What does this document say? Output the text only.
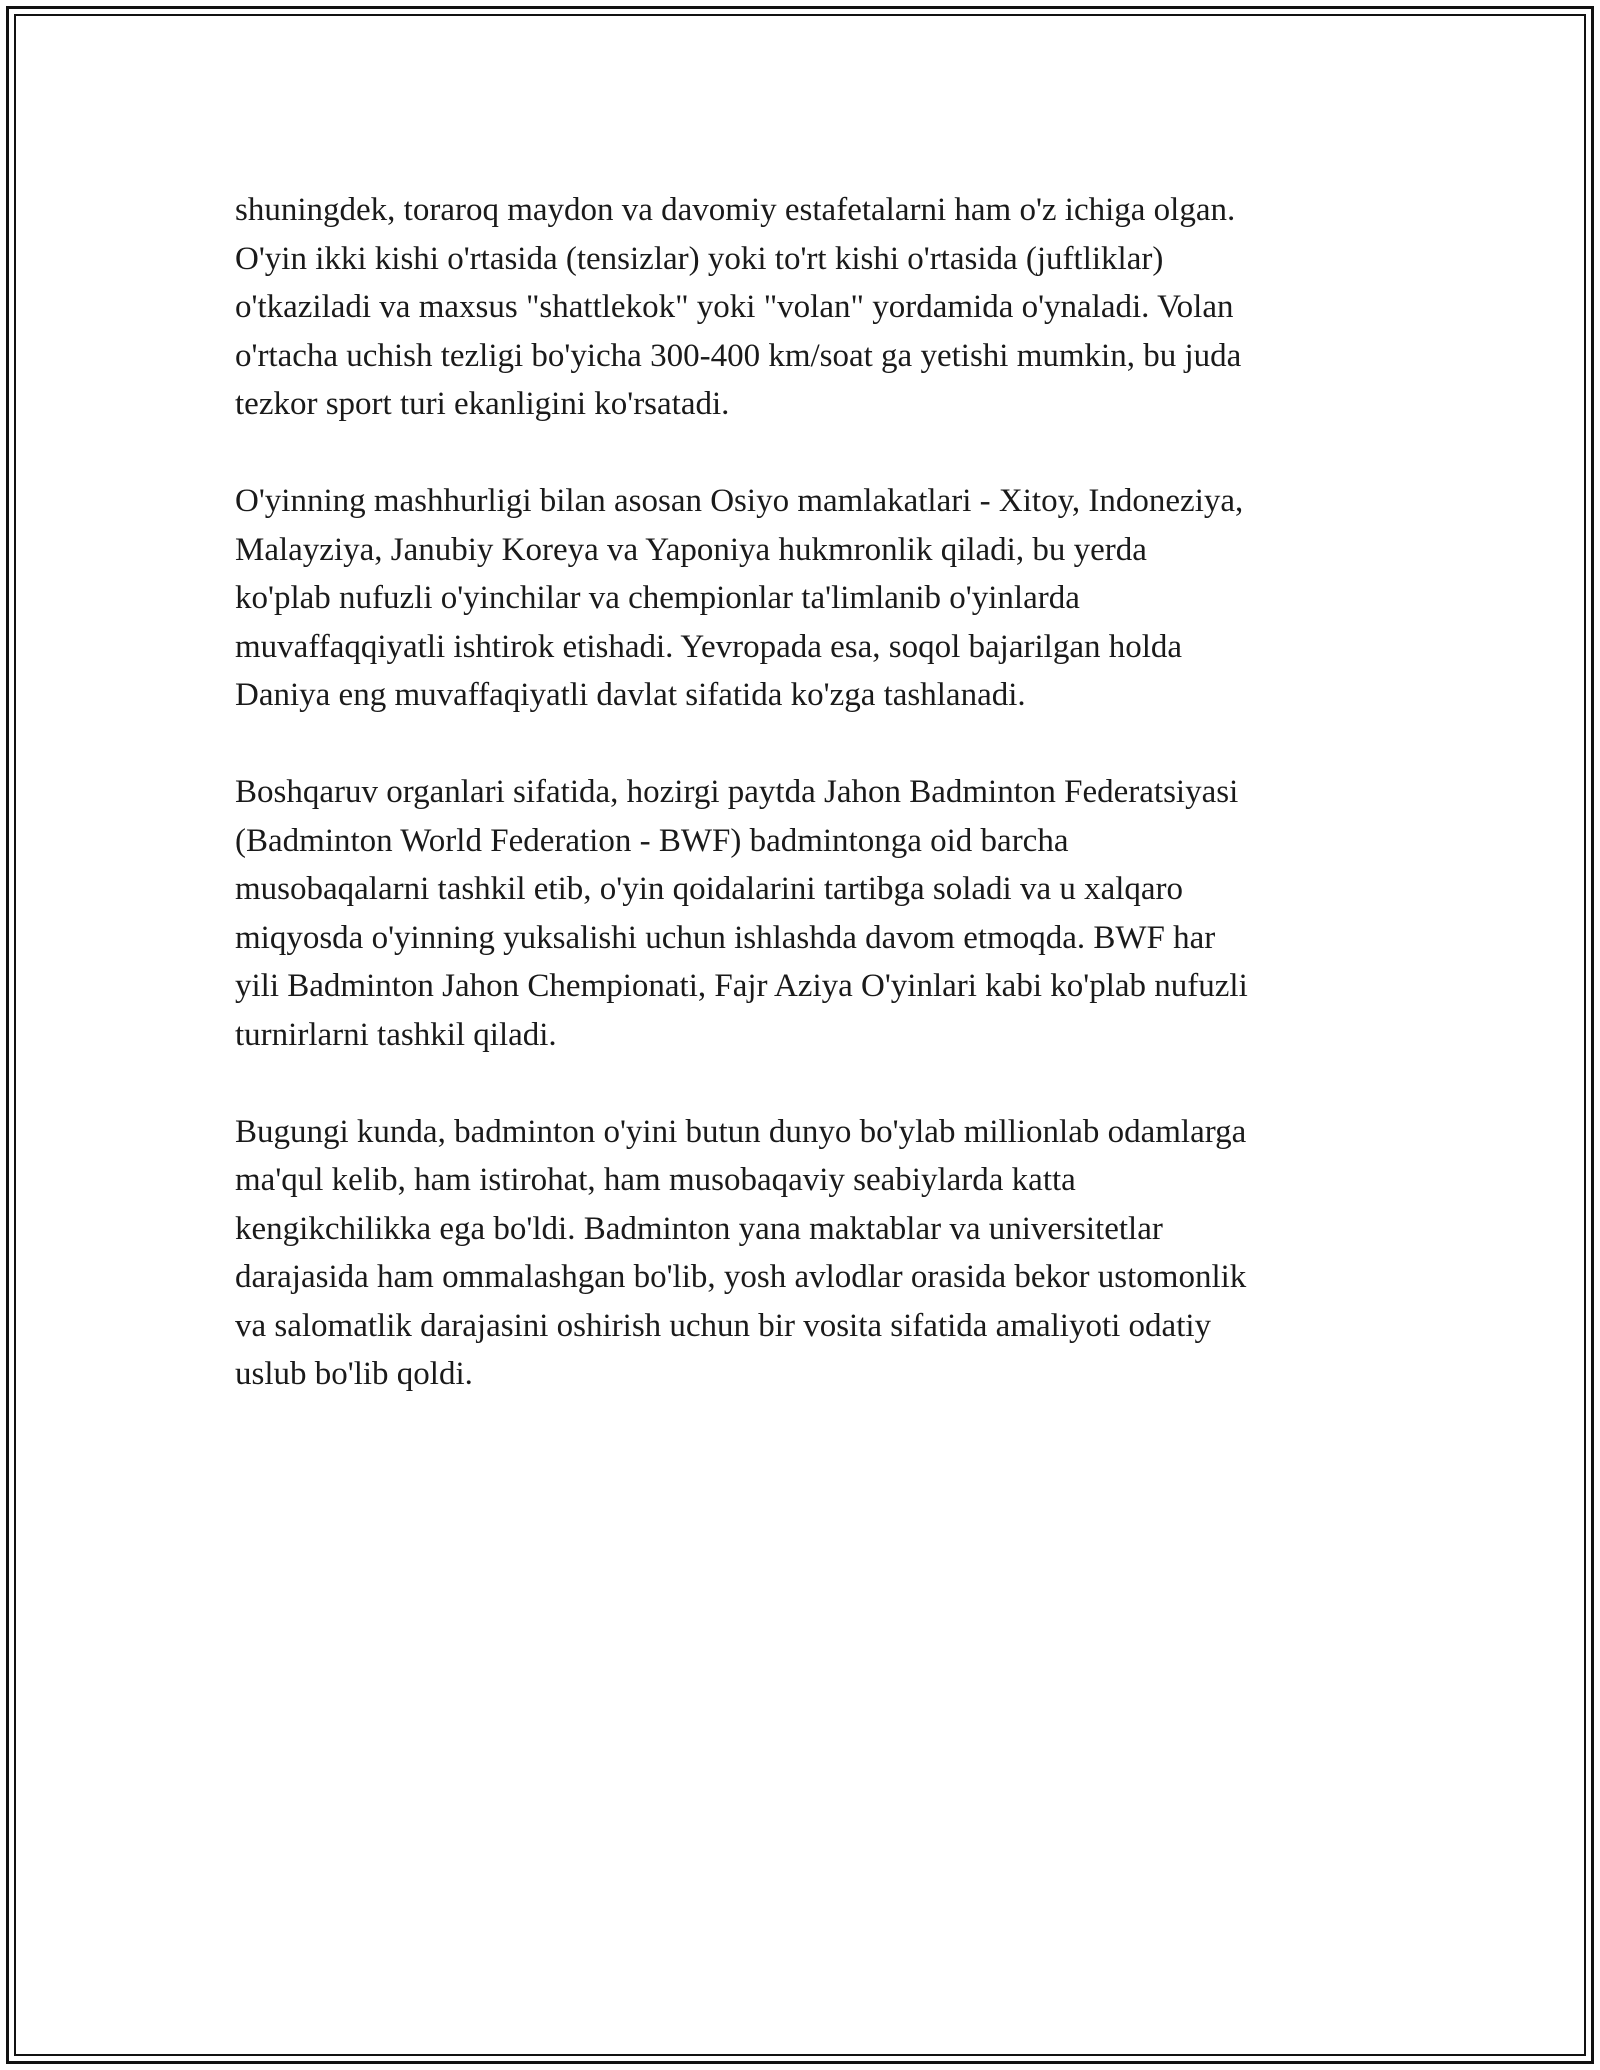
shuningdek, toraroq maydon va davomiy estafetalarni ham o'z ichiga olgan.
O'yin ikki kishi o'rtasida (tensizlar) yoki to'rt kishi o'rtasida (juftliklar)
o'tkaziladi va maxsus "shattlekok" yoki "volan" yordamida o'ynaladi. Volan
o'rtacha uchish tezligi bo'yicha 300-400 km/soat ga yetishi mumkin, bu juda
tezkor sport turi ekanligini ko'rsatadi.
O'yinning mashhurligi bilan asosan Osiyo mamlakatlari - Xitoy, Indoneziya,
Malayziya, Janubiy Koreya va Yaponiya hukmronlik qiladi, bu yerda
ko'plab nufuzli o'yinchilar va chempionlar ta'limlanib o'yinlarda
muvaffaqqiyatli ishtirok etishadi. Yevropada esa, soqol bajarilgan holda
Daniya eng muvaffaqiyatli davlat sifatida ko'zga tashlanadi.
Boshqaruv organlari sifatida, hozirgi paytda Jahon Badminton Federatsiyasi
(Badminton World Federation - BWF) badmintonga oid barcha
musobaqalarni tashkil etib, o'yin qoidalarini tartibga soladi va u xalqaro
miqyosda o'yinning yuksalishi uchun ishlashda davom etmoqda. BWF har
yili Badminton Jahon Chempionati, Fajr Aziya O'yinlari kabi ko'plab nufuzli
turnirlarni tashkil qiladi.
Bugungi kunda, badminton o'yini butun dunyo bo'ylab millionlab odamlarga
ma'qul kelib, ham istirohat, ham musobaqaviy seabiylarda katta
kengikchilikka ega bo'ldi. Badminton yana maktablar va universitetlar
darajasida ham ommalashgan bo'lib, yosh avlodlar orasida bekor ustomonlik
va salomatlik darajasini oshirish uchun bir vosita sifatida amaliyoti odatiy
uslub bo'lib qoldi.
